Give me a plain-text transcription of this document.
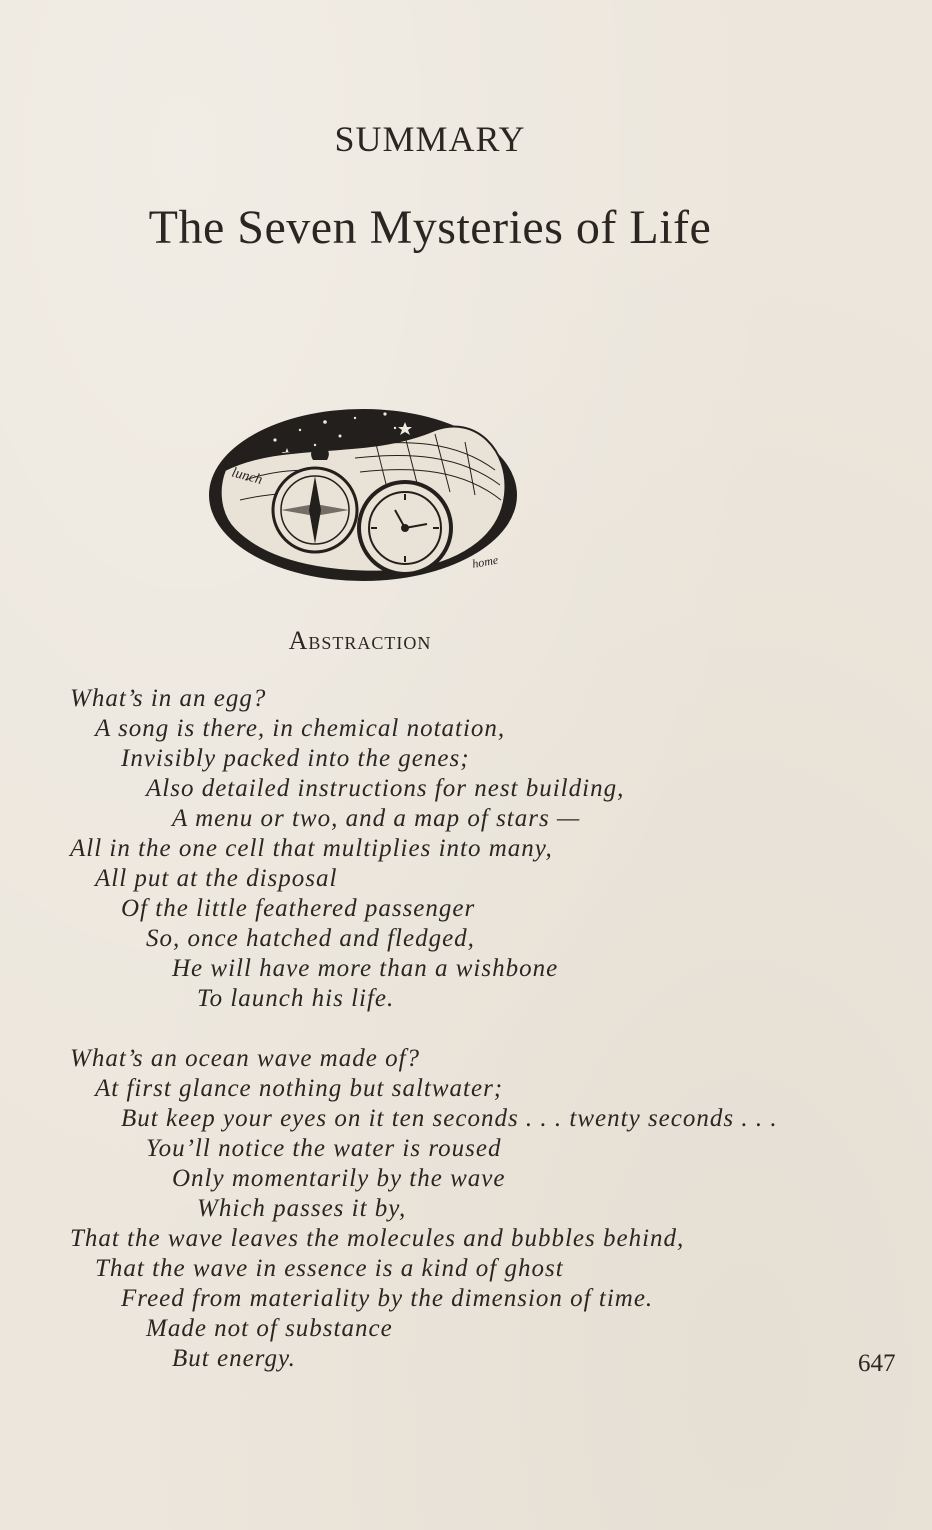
SUMMARY
The Seven Mysteries of Life
lunch
home
Abstraction
What’s in an egg?
A song is there, in chemical notation,
Invisibly packed into the genes;
Also detailed instructions for nest building,
A menu or two, and a map of stars —
All in the one cell that multiplies into many,
All put at the disposal
Of the little feathered passenger
So, once hatched and fledged,
He will have more than a wishbone
To launch his life.
What’s an ocean wave made of?
At first glance nothing but saltwater;
But keep your eyes on it ten seconds . . . twenty seconds . . .
You’ll notice the water is roused
Only momentarily by the wave
Which passes it by,
That the wave leaves the molecules and bubbles behind,
That the wave in essence is a kind of ghost
Freed from materiality by the dimension of time.
Made not of substance
But energy.	647
